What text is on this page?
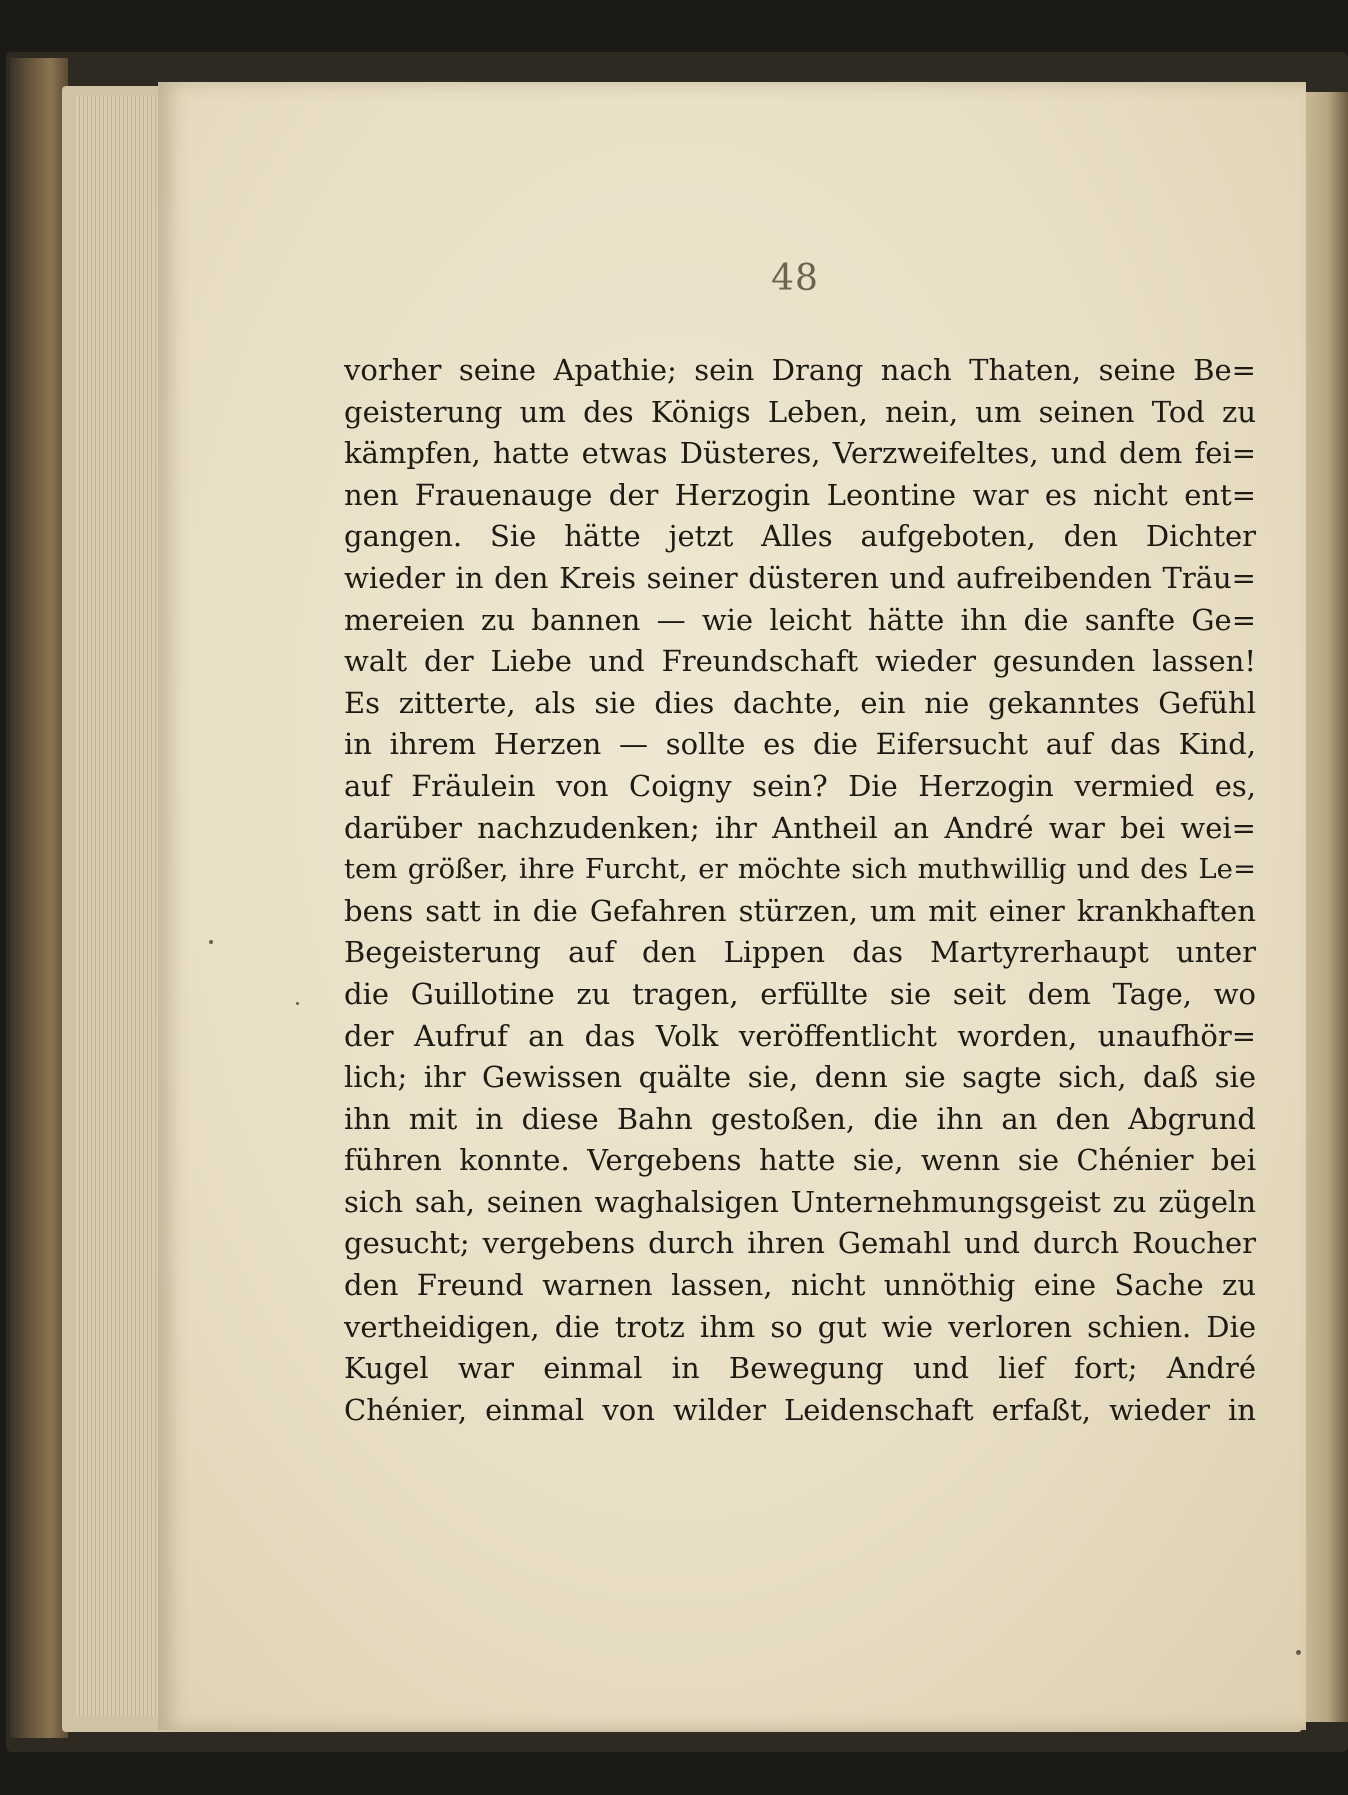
48
vorher seine Apathie; sein Drang nach Thaten, seine Be=
geisterung um des Königs Leben, nein, um seinen Tod zu
kämpfen, hatte etwas Düsteres, Verzweifeltes, und dem fei=
nen Frauenauge der Herzogin Leontine war es nicht ent=
gangen. Sie hätte jetzt Alles aufgeboten, den Dichter
wieder in den Kreis seiner düsteren und aufreibenden Träu=
mereien zu bannen — wie leicht hätte ihn die sanfte Ge=
walt der Liebe und Freundschaft wieder gesunden lassen!
Es zitterte, als sie dies dachte, ein nie gekanntes Gefühl
in ihrem Herzen — sollte es die Eifersucht auf das Kind,
auf Fräulein von Coigny sein? Die Herzogin vermied es,
darüber nachzudenken; ihr Antheil an André war bei wei=
tem größer, ihre Furcht, er möchte sich muthwillig und des Le=
bens satt in die Gefahren stürzen, um mit einer krankhaften
Begeisterung auf den Lippen das Martyrerhaupt unter
die Guillotine zu tragen, erfüllte sie seit dem Tage, wo
der Aufruf an das Volk veröffentlicht worden, unaufhör=
lich; ihr Gewissen quälte sie, denn sie sagte sich, daß sie
ihn mit in diese Bahn gestoßen, die ihn an den Abgrund
führen konnte. Vergebens hatte sie, wenn sie Chénier bei
sich sah, seinen waghalsigen Unternehmungsgeist zu zügeln
gesucht; vergebens durch ihren Gemahl und durch Roucher
den Freund warnen lassen, nicht unnöthig eine Sache zu
vertheidigen, die trotz ihm so gut wie verloren schien. Die
Kugel war einmal in Bewegung und lief fort; André
Chénier, einmal von wilder Leidenschaft erfaßt, wieder in
